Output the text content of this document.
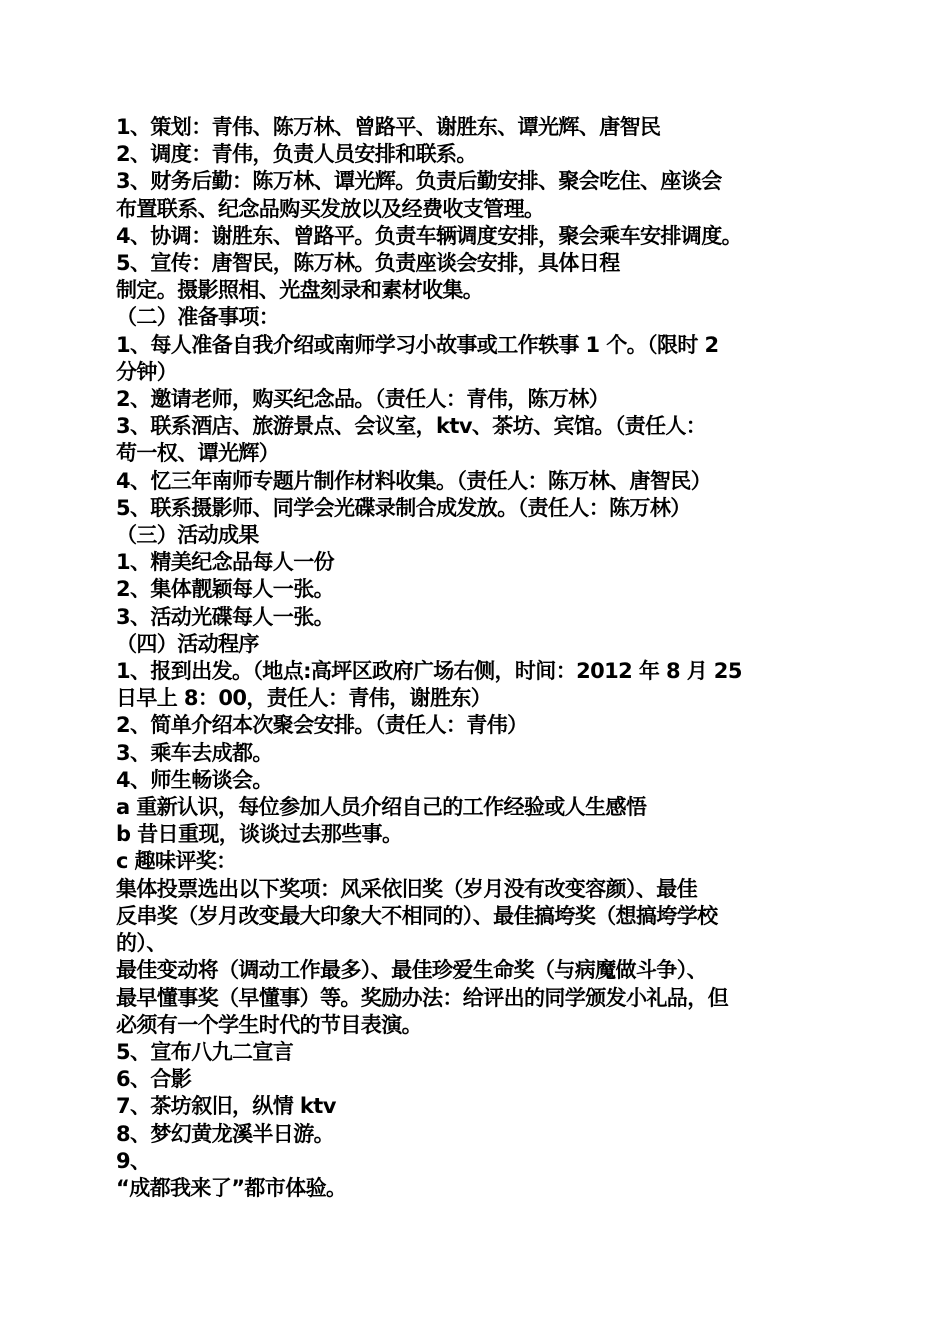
1、策划：青伟、陈万林、曾路平、谢胜东、谭光辉、唐智民
2、调度：青伟，负责人员安排和联系。
3、财务后勤：陈万林、谭光辉。负责后勤安排、聚会吃住、座谈会
布置联系、纪念品购买发放以及经费收支管理。
4、协调：谢胜东、曾路平。负责车辆调度安排，聚会乘车安排调度。
5、宣传：唐智民，陈万林。负责座谈会安排，具体日程
制定。摄影照相、光盘刻录和素材收集。
（二）准备事项：
1、每人准备自我介绍或南师学习小故事或工作轶事 1 个。（限时 2
分钟）
2、邀请老师，购买纪念品。（责任人：青伟，陈万林）
3、联系酒店、旅游景点、会议室，ktv、茶坊、宾馆。（责任人：
苟一权、谭光辉）
4、忆三年南师专题片制作材料收集。（责任人：陈万林、唐智民）
5、联系摄影师、同学会光碟录制合成发放。（责任人：陈万林）
（三）活动成果
1、精美纪念品每人一份
2、集体靓颖每人一张。
3、活动光碟每人一张。
（四）活动程序
1、报到出发。（地点:高坪区政府广场右侧，时间：2012 年 8 月 25
日早上 8：00，责任人：青伟，谢胜东）
2、简单介绍本次聚会安排。（责任人：青伟）
3、乘车去成都。
4、师生畅谈会。
a 重新认识，每位参加人员介绍自己的工作经验或人生感悟
b 昔日重现，谈谈过去那些事。
c 趣味评奖：
集体投票选出以下奖项：风采依旧奖（岁月没有改变容颜）、最佳
反串奖（岁月改变最大印象大不相同的）、最佳搞垮奖（想搞垮学校
的）、
最佳变动将（调动工作最多）、最佳珍爱生命奖（与病魔做斗争）、
最早懂事奖（早懂事）等。奖励办法：给评出的同学颁发小礼品，但
必须有一个学生时代的节目表演。
5、宣布八九二宣言
6、合影
7、茶坊叙旧，纵情 ktv
8、梦幻黄龙溪半日游。
9、
“成都我来了”都市体验。
